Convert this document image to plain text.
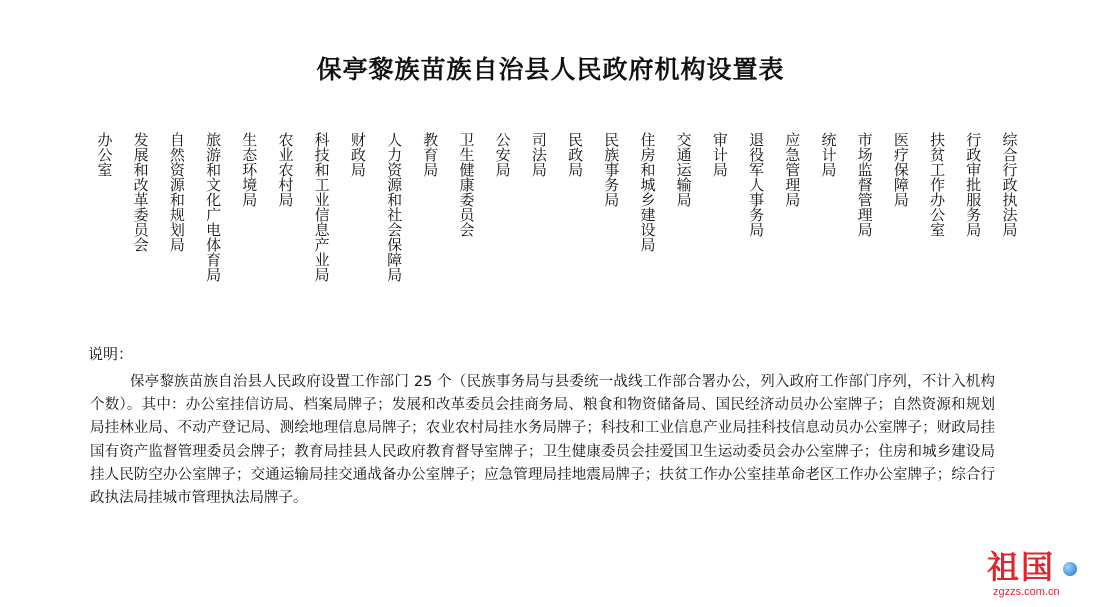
保亭黎族苗族自治县人民政府机构设置表
办公室
发展和改革委员会
自然资源和规划局
旅游和文化广电体育局
生态环境局
农业农村局
科技和工业信息产业局
财政局
人力资源和社会保障局
教育局
卫生健康委员会
公安局
司法局
民政局
民族事务局
住房和城乡建设局
交通运输局
审计局
退役军人事务局
应急管理局
统计局
市场监督管理局
医疗保障局
扶贫工作办公室
行政审批服务局
综合行政执法局
说明：
保亭黎族苗族自治县人民政府设置工作部门 25 个（民族事务局与县委统一战线工作部合署办公，列入政府工作部门序列，不计入机构个数）。其中：办公室挂信访局、档案局牌子；发展和改革委员会挂商务局、粮食和物资储备局、国民经济动员办公室牌子；自然资源和规划局挂林业局、不动产登记局、测绘地理信息局牌子；农业农村局挂水务局牌子；科技和工业信息产业局挂科技信息动员办公室牌子；财政局挂国有资产监督管理委员会牌子；教育局挂县人民政府教育督导室牌子；卫生健康委员会挂爱国卫生运动委员会办公室牌子；住房和城乡建设局挂人民防空办公室牌子；交通运输局挂交通战备办公室牌子；应急管理局挂地震局牌子；扶贫工作办公室挂革命老区工作办公室牌子；综合行政执法局挂城市管理执法局牌子。
祖国
zgzzs.com.cn
